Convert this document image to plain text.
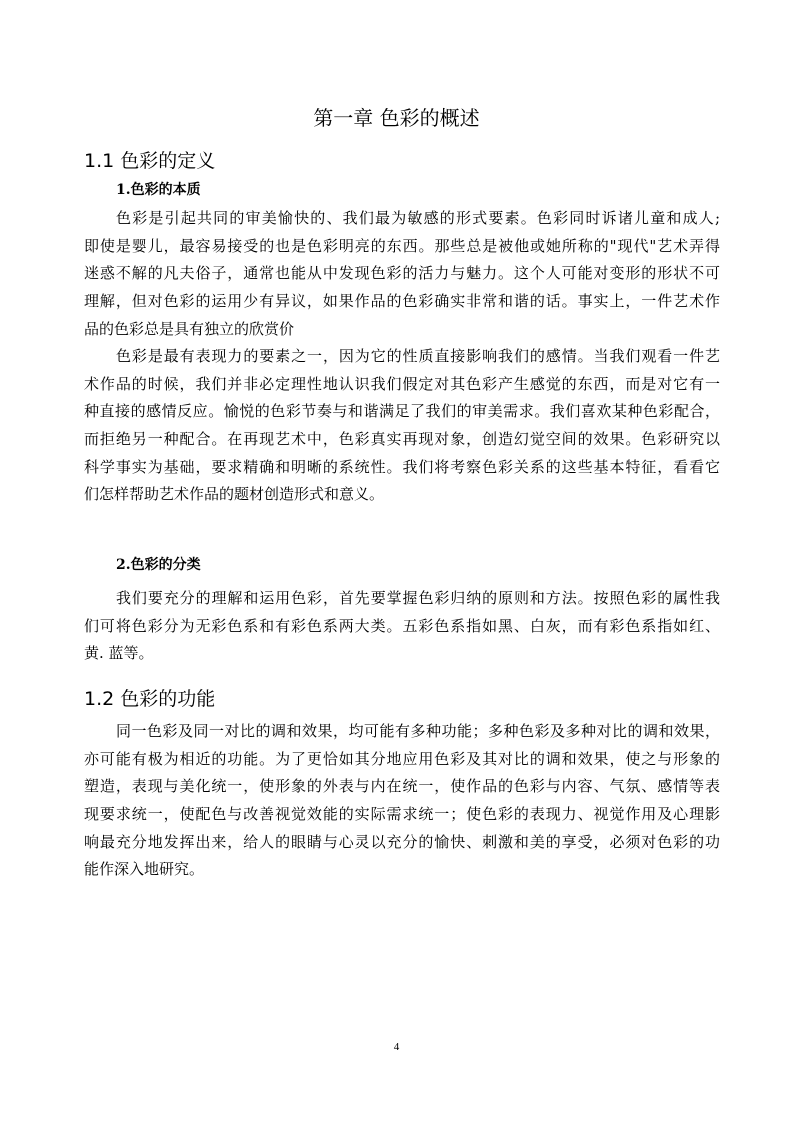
第一章 色彩的概述
1.1 色彩的定义
1.色彩的本质
色彩是引起共同的审美愉快的、我们最为敏感的形式要素。色彩同时诉诸儿童和成人;
即使是婴儿，最容易接受的也是色彩明亮的东西。那些总是被他或她所称的"现代"艺术弄得
迷惑不解的凡夫俗子，通常也能从中发现色彩的活力与魅力。这个人可能对变形的形状不可
理解，但对色彩的运用少有异议，如果作品的色彩确实非常和谐的话。事实上，一件艺术作
品的色彩总是具有独立的欣赏价
色彩是最有表现力的要素之一，因为它的性质直接影响我们的感情。当我们观看一件艺
术作品的时候，我们并非必定理性地认识我们假定对其色彩产生感觉的东西，而是对它有一
种直接的感情反应。愉悦的色彩节奏与和谐满足了我们的审美需求。我们喜欢某种色彩配合，
而拒绝另一种配合。在再现艺术中，色彩真实再现对象，创造幻觉空间的效果。色彩研究以
科学事实为基础，要求精确和明晰的系统性。我们将考察色彩关系的这些基本特征，看看它
们怎样帮助艺术作品的题材创造形式和意义。
2.色彩的分类
我们要充分的理解和运用色彩，首先要掌握色彩归纳的原则和方法。按照色彩的属性我
们可将色彩分为无彩色系和有彩色系两大类。五彩色系指如黑、白灰，而有彩色系指如红、
黄. 蓝等。
1.2 色彩的功能
同一色彩及同一对比的调和效果，均可能有多种功能；多种色彩及多种对比的调和效果，
亦可能有极为相近的功能。为了更恰如其分地应用色彩及其对比的调和效果，使之与形象的
塑造，表现与美化统一，使形象的外表与内在统一，使作品的色彩与内容、气氛、感情等表
现要求统一，使配色与改善视觉效能的实际需求统一；使色彩的表现力、视觉作用及心理影
响最充分地发挥出来，给人的眼睛与心灵以充分的愉快、刺激和美的享受，必须对色彩的功
能作深入地研究。
4
